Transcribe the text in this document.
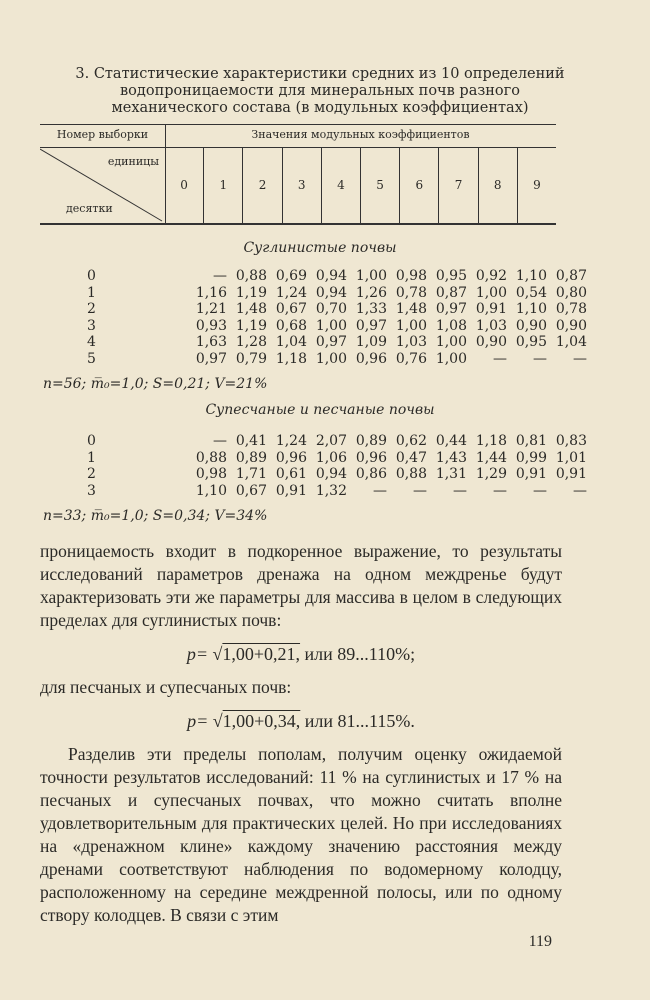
3. Статистические характеристики средних из 10 определений
водопроницаемости для минеральных почв разного
механического состава (в модульных коэффициентах)
Номер выборки
единицы
десятки
Значения модульных коэффициентов
0	1	2	3	4	5	6	7	8	9
Суглинистые почвы
0	— 0,88 0,69 0,94 1,00 0,98 0,95 0,92 1,10 0,87
1	1,16 1,19 1,24 0,94 1,26 0,78 0,87 1,00 0,54 0,80
2	1,21 1,48 0,67 0,70 1,33 1,48 0,97 0,91 1,10 0,78
3	0,93 1,19 0,68 1,00 0,97 1,00 1,08 1,03 0,90 0,90
4	1,63 1,28 1,04 0,97 1,09 1,03 1,00 0,90 0,95 1,04
5	0,97 0,79 1,18 1,00 0,96 0,76 1,00	—	—	—
n=56; m̅₀=1,0; S=0,21; V=21%
Супесчаные и песчаные почвы
0	— 0,41 1,24 2,07 0,89 0,62 0,44 1,18 0,81 0,83
1	0,88 0,89 0,96 1,06 0,96 0,47 1,43 1,44 0,99 1,01
2	0,98 1,71 0,61 0,94 0,86 0,88 1,31 1,29 0,91 0,91
3	1,10 0,67 0,91 1,32	—	—	—	—	—	—
n=33; m̅₀=1,0; S=0,34; V=34%
проницаемость входит в подкоренное выражение, то результаты исследований параметров дренажа на одном междренье будут характеризовать эти же параметры для массива в целом в следующих пределах для суглинистых почв:
p= √1,00+0,21, или 89...110%;
для песчаных и супесчаных почв:
p= √1,00+0,34, или 81...115%.
Разделив эти пределы пополам, получим оценку ожидаемой точности результатов исследований: 11 % на суглинистых и 17 % на песчаных и супесчаных почвах, что можно считать вполне удовлетворительным для практических целей. Но при исследованиях на «дренажном клине» каждому значению расстояния между дренами соответствуют наблюдения по водомерному колодцу, расположенному на середине междренной полосы, или по одному створу колодцев. В связи с этим
119
